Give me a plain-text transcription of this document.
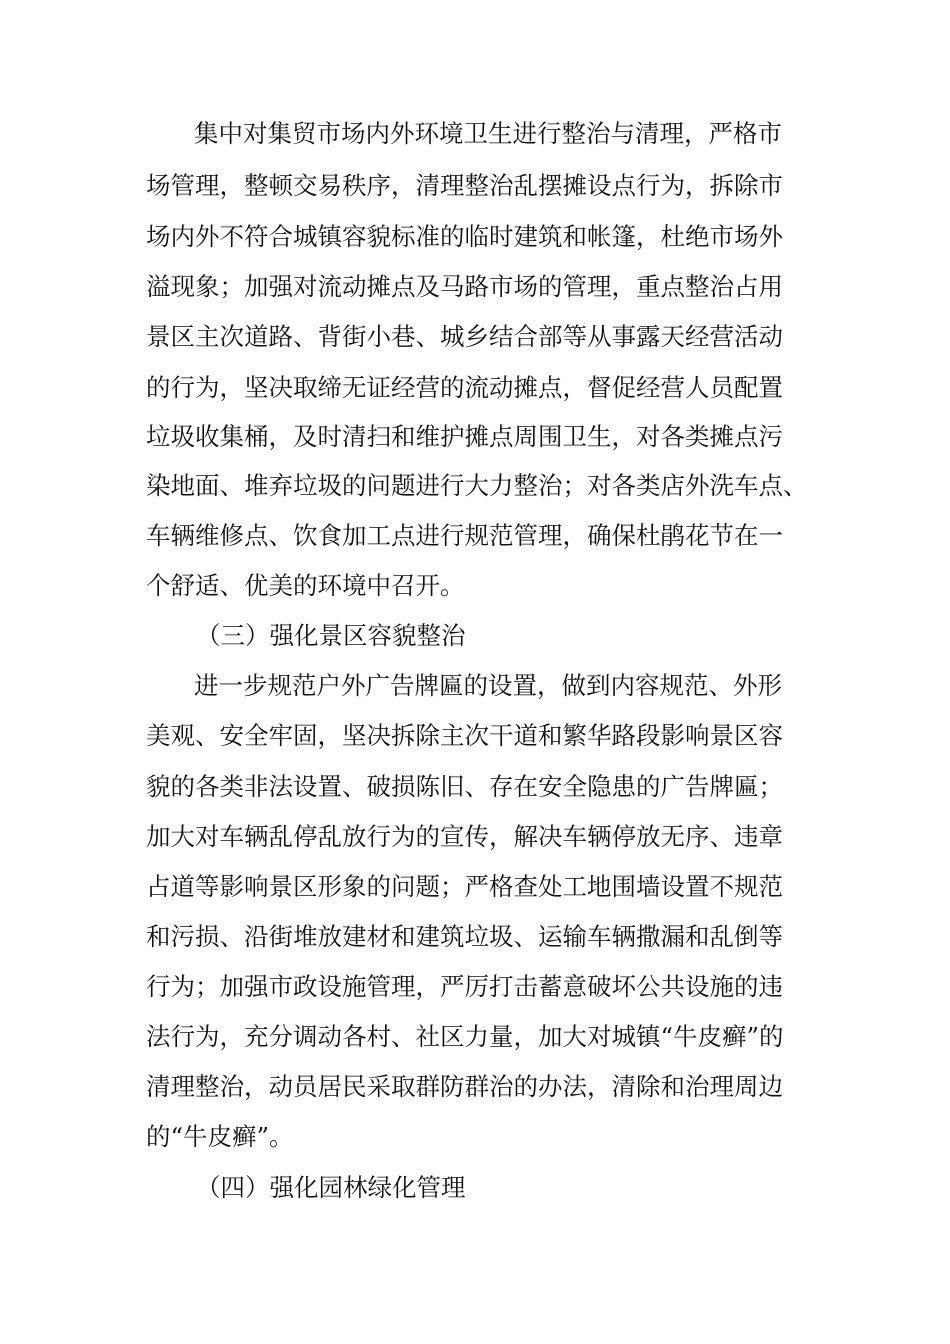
集中对集贸市场内外环境卫生进行整治与清理，严格市
场管理，整顿交易秩序，清理整治乱摆摊设点行为，拆除市
场内外不符合城镇容貌标准的临时建筑和帐篷，杜绝市场外
溢现象；加强对流动摊点及马路市场的管理，重点整治占用
景区主次道路、背街小巷、城乡结合部等从事露天经营活动
的行为，坚决取缔无证经营的流动摊点，督促经营人员配置
垃圾收集桶，及时清扫和维护摊点周围卫生，对各类摊点污
染地面、堆弃垃圾的问题进行大力整治；对各类店外洗车点、
车辆维修点、饮食加工点进行规范管理，确保杜鹃花节在一
个舒适、优美的环境中召开。
（三）强化景区容貌整治
进一步规范户外广告牌匾的设置，做到内容规范、外形
美观、安全牢固，坚决拆除主次干道和繁华路段影响景区容
貌的各类非法设置、破损陈旧、存在安全隐患的广告牌匾；
加大对车辆乱停乱放行为的宣传，解决车辆停放无序、违章
占道等影响景区形象的问题；严格查处工地围墙设置不规范
和污损、沿街堆放建材和建筑垃圾、运输车辆撒漏和乱倒等
行为；加强市政设施管理，严厉打击蓄意破坏公共设施的违
法行为，充分调动各村、社区力量，加大对城镇“牛皮癣”的
清理整治，动员居民采取群防群治的办法，清除和治理周边
的“牛皮癣”。
（四）强化园林绿化管理
